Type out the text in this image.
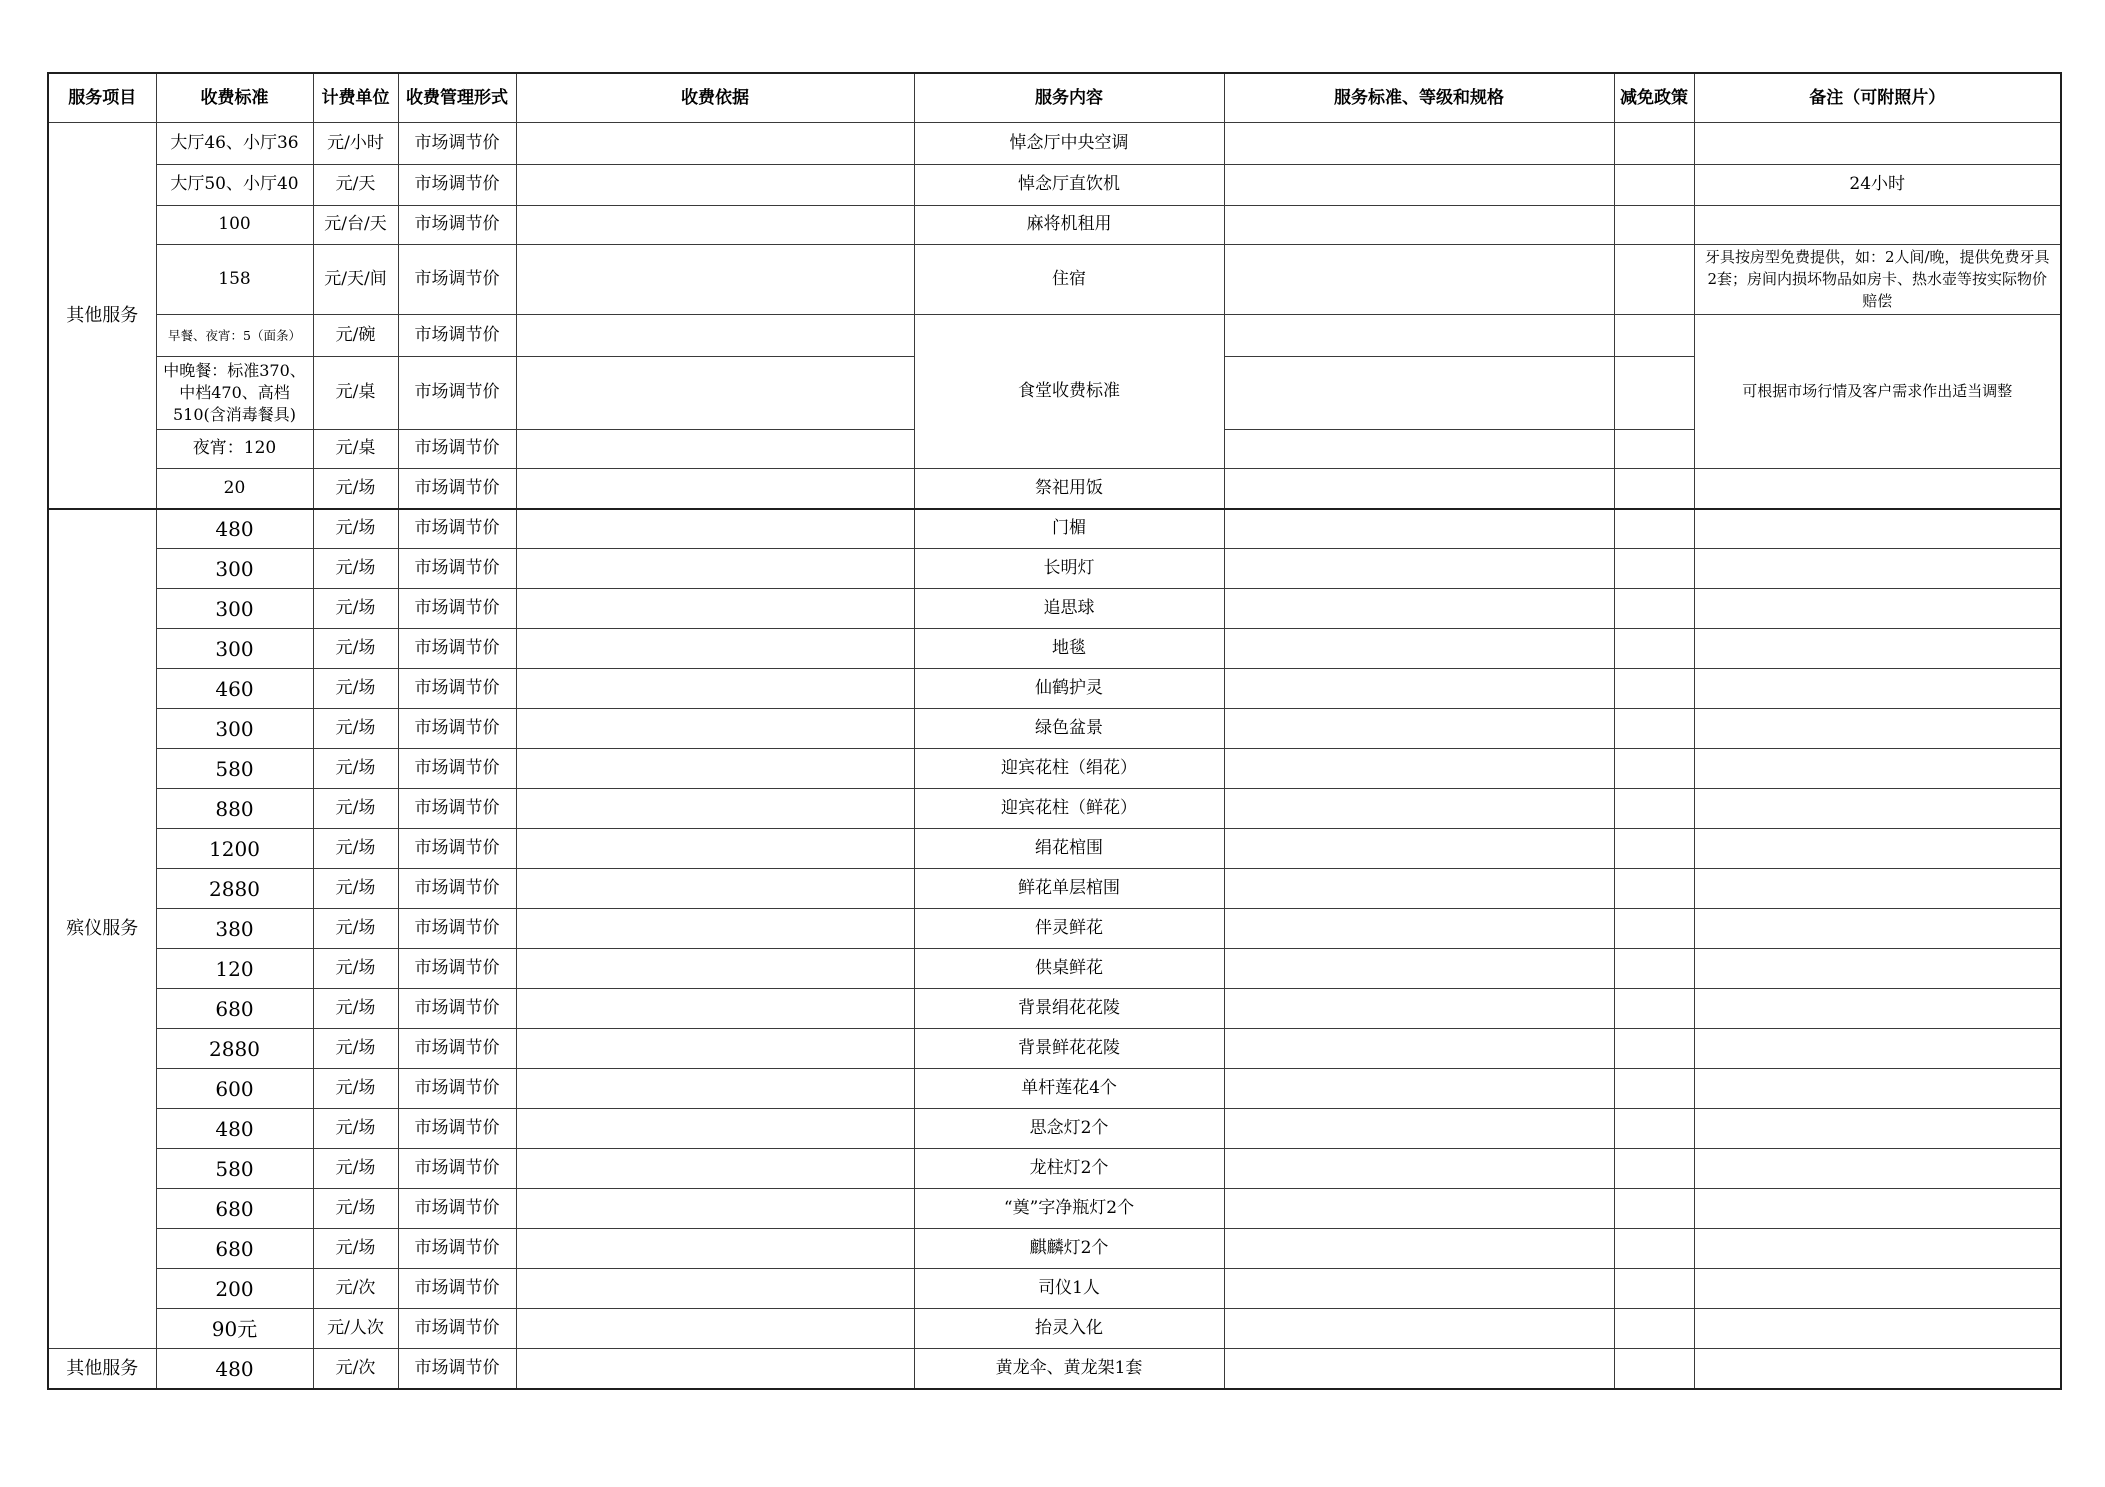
服务项目	收费标准	计费单位	收费管理形式	收费依据	服务内容	服务标准、等级和规格	减免政策	备注（可附照片）
其他服务	大厅46、小厅36	元/小时	市场调节价		悼念厅中央空调			
	大厅50、小厅40	元/天	市场调节价		悼念厅直饮机			24小时
	100	元/台/天	市场调节价		麻将机租用			
	158	元/天/间	市场调节价		住宿			牙具按房型免费提供，如：2人间/晚，提供免费牙具2套；房间内损坏物品如房卡、热水壶等按实际物价赔偿
	早餐、夜宵：5（面条）	元/碗	市场调节价		食堂收费标准			可根据市场行情及客户需求作出适当调整
	中晚餐：标准370、中档470、高档510(含消毒餐具)	元/桌	市场调节价					
	夜宵：120	元/桌	市场调节价					
	20	元/场	市场调节价		祭祀用饭			
殡仪服务	480	元/场	市场调节价		门楣			
	300	元/场	市场调节价		长明灯			
	300	元/场	市场调节价		追思球			
	300	元/场	市场调节价		地毯			
	460	元/场	市场调节价		仙鹤护灵			
	300	元/场	市场调节价		绿色盆景			
	580	元/场	市场调节价		迎宾花柱（绢花）			
	880	元/场	市场调节价		迎宾花柱（鲜花）			
	1200	元/场	市场调节价		绢花棺围			
	2880	元/场	市场调节价		鲜花单层棺围			
	380	元/场	市场调节价		伴灵鲜花			
	120	元/场	市场调节价		供桌鲜花			
	680	元/场	市场调节价		背景绢花花陵			
	2880	元/场	市场调节价		背景鲜花花陵			
	600	元/场	市场调节价		单杆莲花4个			
	480	元/场	市场调节价		思念灯2个			
	580	元/场	市场调节价		龙柱灯2个			
	680	元/场	市场调节价		“奠”字净瓶灯2个			
	680	元/场	市场调节价		麒麟灯2个			
	200	元/次	市场调节价		司仪1人			
	90元	元/人次	市场调节价		抬灵入化			
其他服务	480	元/次	市场调节价		黄龙伞、黄龙架1套			
